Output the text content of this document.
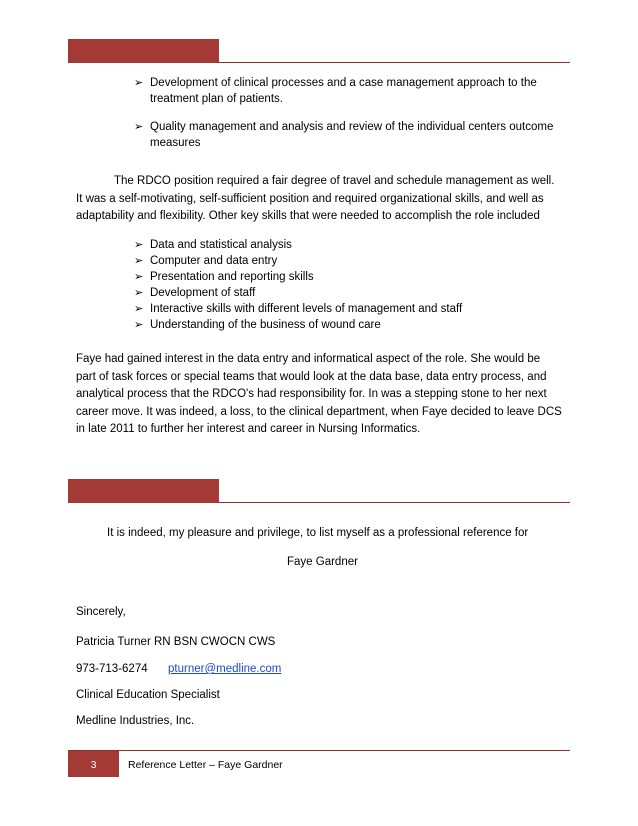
➢ Development of clinical processes and a case management approach to the
treatment plan of patients.
➢ Quality management and analysis and review of the individual centers outcome
measures

The RDCO position required a fair degree of travel and schedule management as well. It was a self-motivating, self-sufficient position and required organizational skills, and well as adaptability and flexibility. Other key skills that were needed to accomplish the role included

➢ Data and statistical analysis
➢ Computer and data entry
➢ Presentation and reporting skills
➢ Development of staff
➢ Interactive skills with different levels of management and staff
➢ Understanding of the business of wound care

Faye had gained interest in the data entry and informatical aspect of the role. She would be part of task forces or special teams that would look at the data base, data entry process, and analytical process that the RDCO's had responsibility for. In was a stepping stone to her next career move. It was indeed, a loss, to the clinical department, when Faye decided to leave DCS in late 2011 to further her interest and career in Nursing Informatics.

It is indeed, my pleasure and privilege, to list myself as a professional reference for
Faye Gardner
Sincerely,
Patricia Turner RN BSN CWOCN CWS
973-713-6274 pturner@medline.com
Clinical Education Specialist
Medline Industries, Inc.
3	Reference Letter – Faye Gardner
